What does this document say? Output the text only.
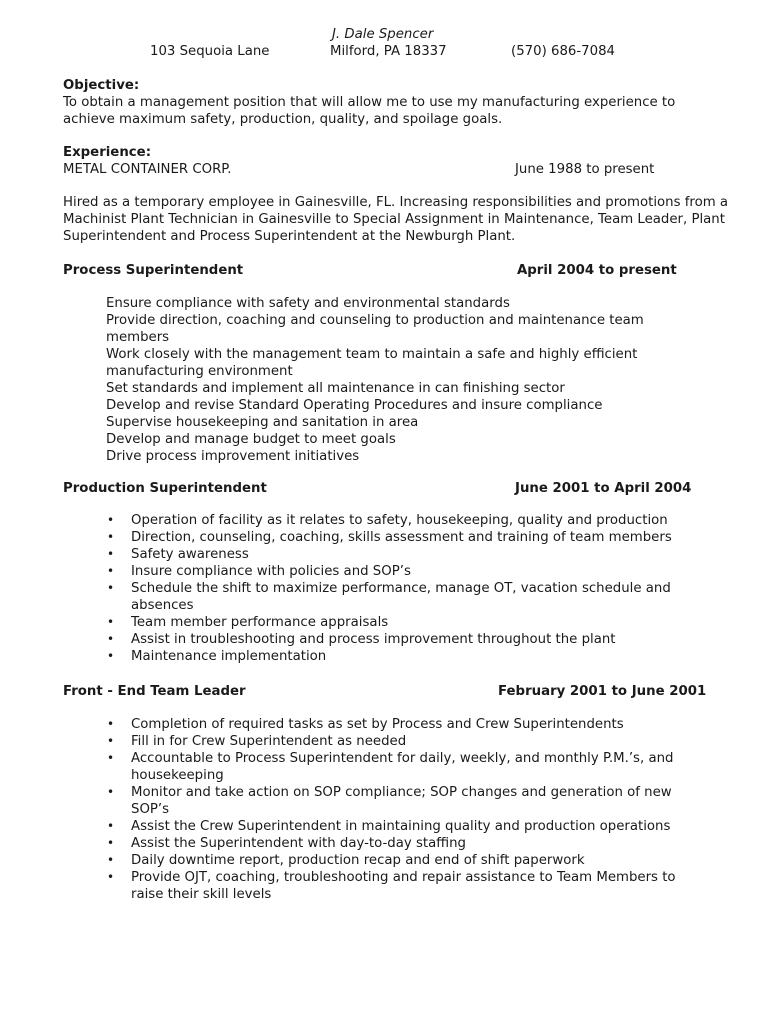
J. Dale Spencer
103 Sequoia Lane	Milford, PA 18337	(570) 686-7084
Objective:
To obtain a management position that will allow me to use my manufacturing experience to achieve maximum safety, production, quality, and spoilage goals.
Experience:
METAL CONTAINER CORP.	June 1988 to present
Hired as a temporary employee in Gainesville, FL. Increasing responsibilities and promotions from a Machinist Plant Technician in Gainesville to Special Assignment in Maintenance, Team Leader, Plant Superintendent and Process Superintendent at the Newburgh Plant.
Process Superintendent	April 2004 to present
Ensure compliance with safety and environmental standards
Provide direction, coaching and counseling to production and maintenance team members
Work closely with the management team to maintain a safe and highly efficient manufacturing environment
Set standards and implement all maintenance in can finishing sector
Develop and revise Standard Operating Procedures and insure compliance
Supervise housekeeping and sanitation in area
Develop and manage budget to meet goals
Drive process improvement initiatives
Production Superintendent	June 2001 to April 2004
• Operation of facility as it relates to safety, housekeeping, quality and production
• Direction, counseling, coaching, skills assessment and training of team members
• Safety awareness
• Insure compliance with policies and SOP’s
• Schedule the shift to maximize performance, manage OT, vacation schedule and absences
• Team member performance appraisals
• Assist in troubleshooting and process improvement throughout the plant
• Maintenance implementation
Front - End Team Leader	February 2001 to June 2001
• Completion of required tasks as set by Process and Crew Superintendents
• Fill in for Crew Superintendent as needed
• Accountable to Process Superintendent for daily, weekly, and monthly P.M.’s, and housekeeping
• Monitor and take action on SOP compliance; SOP changes and generation of new SOP’s
• Assist the Crew Superintendent in maintaining quality and production operations
• Assist the Superintendent with day-to-day staffing
• Daily downtime report, production recap and end of shift paperwork
• Provide OJT, coaching, troubleshooting and repair assistance to Team Members to raise their skill levels
